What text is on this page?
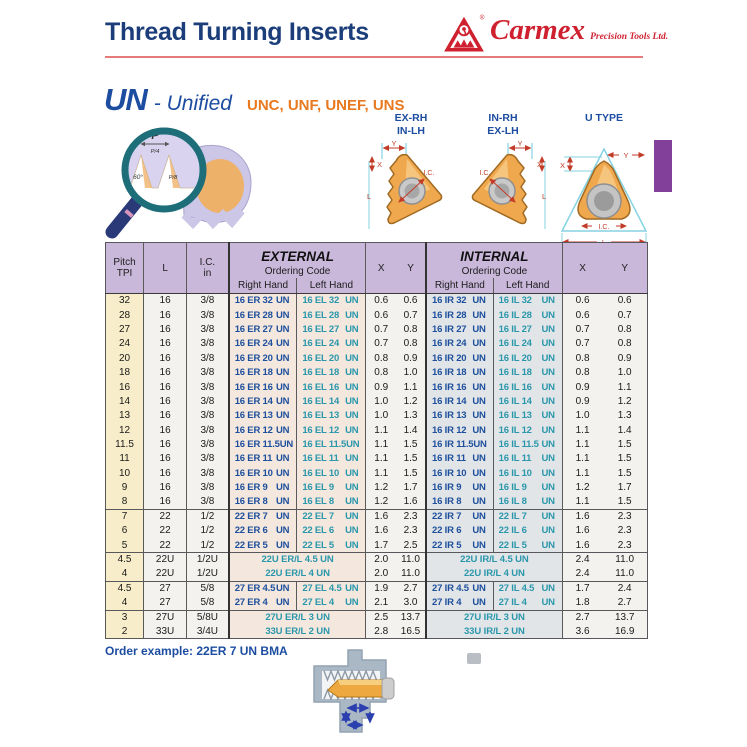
Thread Turning Inserts
® Carmex Precision Tools Ltd.
UN - Unified UNC, UNF, UNEF, UNS
P
P/4
60°	P/8
EX-RH
IN-LH
Y
X
L
I.C.
IN-RH
EX-LH
Y
X
L
I.C.
U TYPE
Y
X
I.C.
Pitch
TPI	L	I.C.
in
	EXTERNAL	X	Y	INTERNAL	X	Y
			Ordering Code				Ordering Code			
			Right Hand	Left Hand			Right Hand	Left Hand		
32	16	3/8	16 ER 32 UN	16 EL 32 UN	0.6	0.6	16 IR 32 UN	16 IL 32 UN	0.6	0.6
28	16	3/8	16 ER 28 UN	16 EL 28 UN	0.6	0.7	16 IR 28 UN	16 IL 28 UN	0.6	0.7
27	16	3/8	16 ER 27 UN	16 EL 27 UN	0.7	0.8	16 IR 27 UN	16 IL 27 UN	0.7	0.8
24	16	3/8	16 ER 24 UN	16 EL 24 UN	0.7	0.8	16 IR 24 UN	16 IL 24 UN	0.7	0.8
20	16	3/8	16 ER 20 UN	16 EL 20 UN	0.8	0.9	16 IR 20 UN	16 IL 20 UN	0.8	0.9
18	16	3/8	16 ER 18 UN	16 EL 18 UN	0.8	1.0	16 IR 18 UN	16 IL 18 UN	0.8	1.0
16	16	3/8	16 ER 16 UN	16 EL 16 UN	0.9	1.1	16 IR 16 UN	16 IL 16 UN	0.9	1.1
14	16	3/8	16 ER 14 UN	16 EL 14 UN	1.0	1.2	16 IR 14 UN	16 IL 14 UN	0.9	1.2
13	16	3/8	16 ER 13 UN	16 EL 13 UN	1.0	1.3	16 IR 13 UN	16 IL 13 UN	1.0	1.3
12	16	3/8	16 ER 12 UN	16 EL 12 UN	1.1	1.4	16 IR 12 UN	16 IL 12 UN	1.1	1.4
11.5	16	3/8	16 ER 11.5 UN	16 EL 11.5 UN	1.1	1.5	16 IR 11.5 UN	16 IL 11.5 UN	1.1	1.5
11	16	3/8	16 ER 11 UN	16 EL 11 UN	1.1	1.5	16 IR 11 UN	16 IL 11 UN	1.1	1.5
10	16	3/8	16 ER 10 UN	16 EL 10 UN	1.1	1.5	16 IR 10 UN	16 IL 10 UN	1.1	1.5
9	16	3/8	16 ER 9 UN	16 EL 9 UN	1.2	1.7	16 IR 9 UN	16 IL 9 UN	1.2	1.7
8	16	3/8	16 ER 8 UN	16 EL 8 UN	1.2	1.6	16 IR 8 UN	16 IL 8 UN	1.1	1.5
7	22	1/2	22 ER 7 UN	22 EL 7 UN	1.6	2.3	22 IR 7 UN	22 IL 7 UN	1.6	2.3
6	22	1/2	22 ER 6 UN	22 EL 6 UN	1.6	2.3	22 IR 6 UN	22 IL 6 UN	1.6	2.3
5	22	1/2	22 ER 5 UN	22 EL 5 UN	1.7	2.5	22 IR 5 UN	22 IL 5 UN	1.6	2.3
4.5	22U	1/2U	22U ER/L 4.5 UN		2.0	11.0	22U IR/L 4.5 UN		2.4	11.0
4	22U	1/2U	22U ER/L 4 UN		2.0	11.0	22U IR/L 4 UN		2.4	11.0
4.5	27	5/8	27 ER 4.5 UN	27 EL 4.5 UN	1.9	2.7	27 IR 4.5 UN	27 IL 4.5 UN	1.7	2.4
4	27	5/8	27 ER 4 UN	27 EL 4 UN	2.1	3.0	27 IR 4 UN	27 IL 4 UN	1.8	2.7
3	27U	5/8U	27U ER/L 3 UN		2.5	13.7	27U IR/L 3 UN		2.7	13.7
2	33U	3/4U	33U ER/L 2 UN		2.8	16.5	33U IR/L 2 UN		3.6	16.9
Order example: 22ER 7 UN BMA
